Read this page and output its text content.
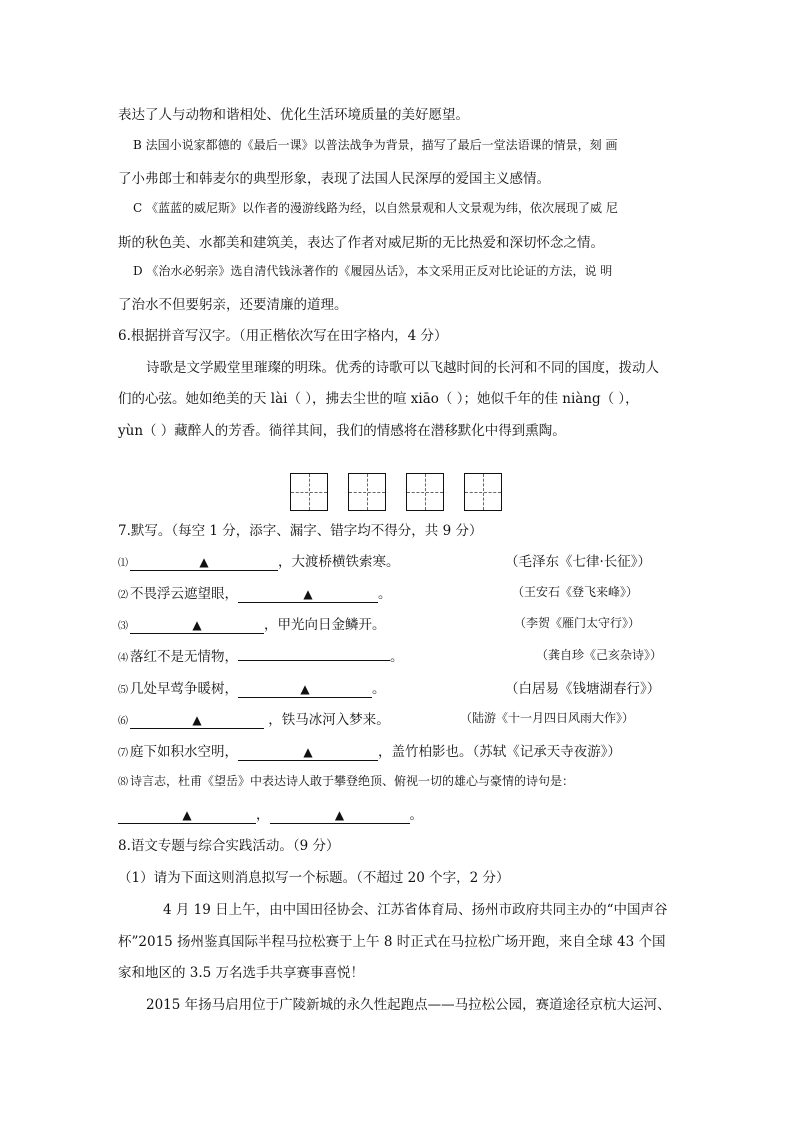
表达了人与动物和谐相处、优化生活环境质量的美好愿望。
B 法国小说家都德的《最后一课》以普法战争为背景，描写了最后一堂法语课的情景，刻 画
了小弗郎士和韩麦尔的典型形象，表现了法国人民深厚的爱国主义感情。
C 《蓝蓝的威尼斯》以作者的漫游线路为经，以自然景观和人文景观为纬，依次展现了威 尼
斯的秋色美、水都美和建筑美，表达了作者对威尼斯的无比热爱和深切怀念之情。
D 《治水必躬亲》选自清代钱泳著作的《履园丛话》，本文采用正反对比论证的方法，说 明
了治水不但要躬亲，还要清廉的道理。
6.根据拼音写汉字。（用正楷依次写在田字格内，4 分）
诗歌是文学殿堂里璀璨的明珠。优秀的诗歌可以飞越时间的长河和不同的国度，拨动人
们的心弦。她如绝美的天 lài（ ），拂去尘世的喧 xiāo（ ）；她似千年的佳 niàng（ ），
yùn（ ）藏醉人的芳香。徜徉其间，我们的情感将在潜移默化中得到熏陶。
7.默写。（每空 1 分，添字、漏字、错字均不得分，共 9 分）
⑴	▲	，大渡桥横铁索寒。	（毛泽东《七律·长征》）
⑵ 不畏浮云遮望眼，	▲	。	（王安石《登飞来峰》）
⑶	▲	，甲光向日金鳞开。	（李贺《雁门太守行》）
⑷ 落红不是无情物，	。	（龚自珍《己亥杂诗》）
⑸ 几处早莺争暖树，	▲	。	（白居易《钱塘湖春行》）
⑹	▲	，铁马冰河入梦来。	（陆游《十一月四日风雨大作》）
⑺ 庭下如积水空明，	▲	，盖竹柏影也。（苏轼《记承天寺夜游》）
⑻ 诗言志，杜甫《望岳》中表达诗人敢于攀登绝顶、俯视一切的雄心与豪情的诗句是：
▲	，	▲	。
8.语文专题与综合实践活动。（9 分）
（1）请为下面这则消息拟写一个标题。（不超过 20 个字，2 分）
4 月 19 日上午，由中国田径协会、江苏省体育局、扬州市政府共同主办的“中国声谷
杯”2015 扬州鉴真国际半程马拉松赛于上午 8 时正式在马拉松广场开跑，来自全球 43 个国
家和地区的 3.5 万名选手共享赛事喜悦！
2015 年扬马启用位于广陵新城的永久性起跑点——马拉松公园，赛道途径京杭大运河、
